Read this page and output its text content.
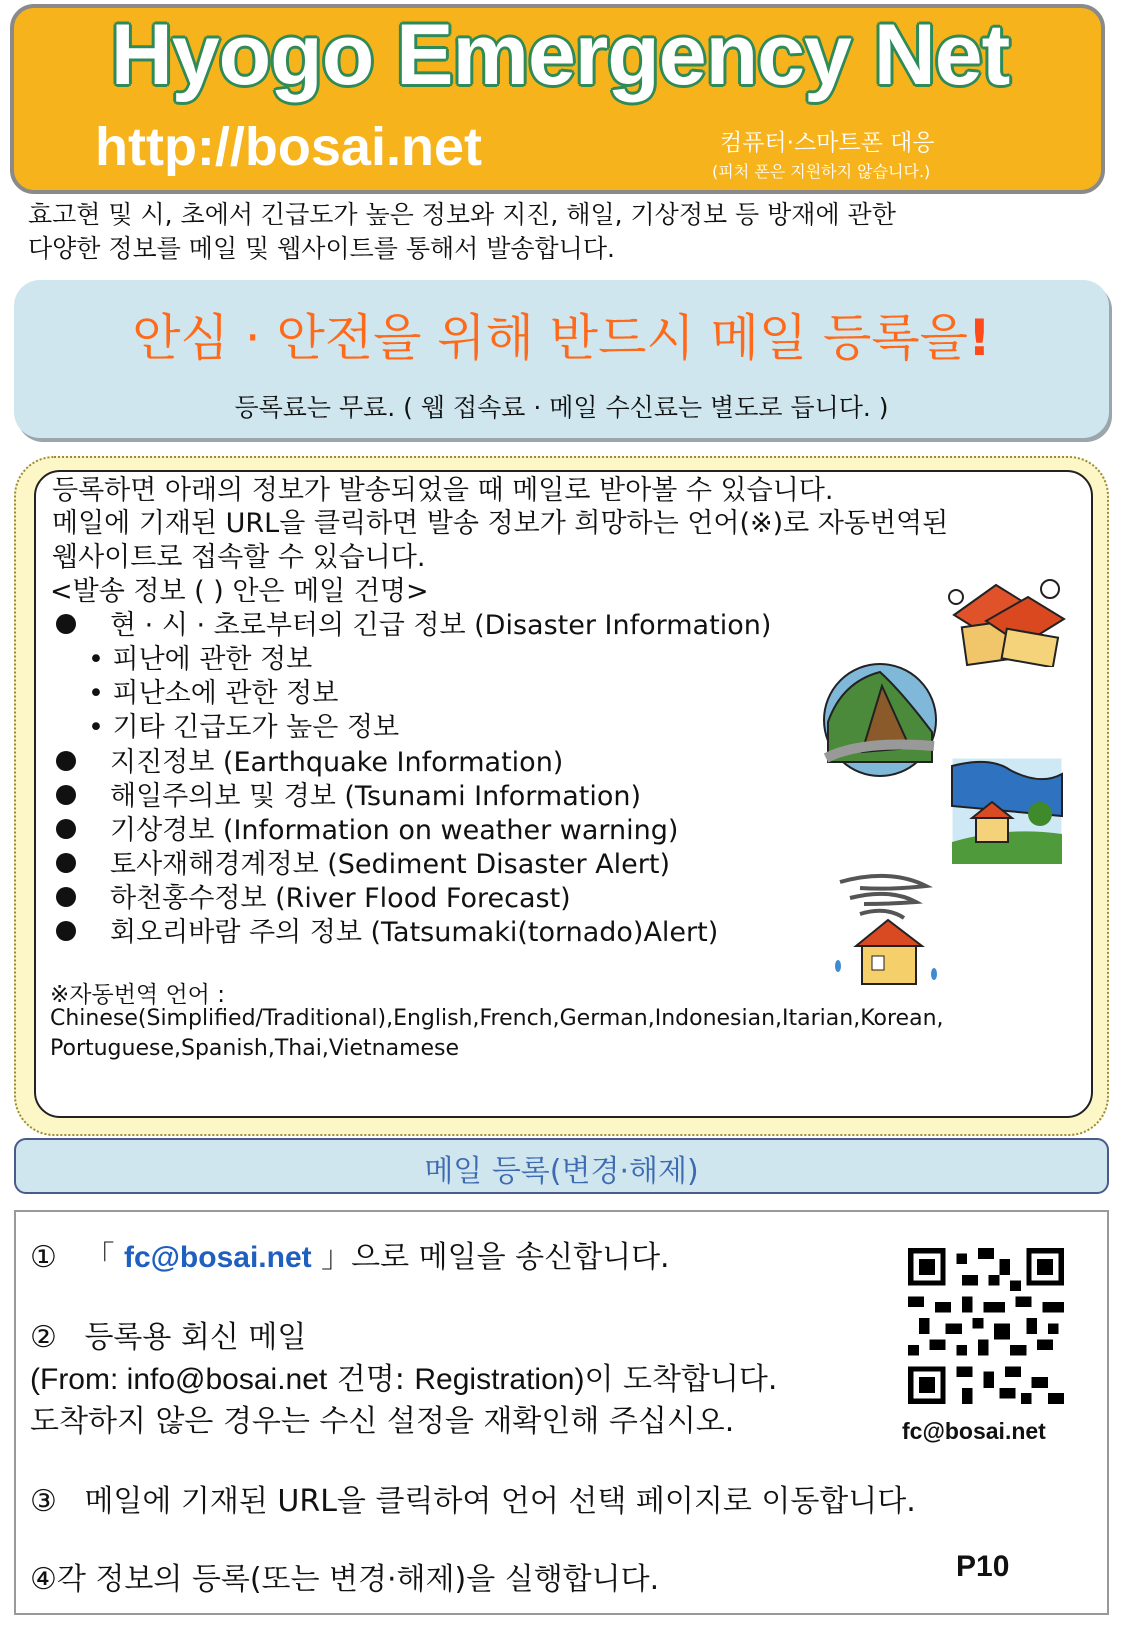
Hyogo Emergency Net
http://bosai.net	컴퓨터·스마트폰 대응
(피처 폰은 지원하지 않습니다.)
효고현 및 시, 초에서 긴급도가 높은 정보와 지진, 해일, 기상정보 등 방재에 관한
다양한 정보를 메일 및 웹사이트를 통해서 발송합니다.
안심 · 안전을 위해 반드시 메일 등록을!
등록료는 무료. ( 웹 접속료 · 메일 수신료는 별도로 듭니다. )
등록하면 아래의 정보가 발송되었을 때 메일로 받아볼 수 있습니다.
메일에 기재된 URL을 클릭하면 발송 정보가 희망하는 언어(※)로 자동번역된
웹사이트로 접속할 수 있습니다.
<발송 정보 ( ) 안은 메일 건명>
현 · 시 · 초로부터의 긴급 정보 (Disaster Information)
• 피난에 관한 정보
• 피난소에 관한 정보
• 기타 긴급도가 높은 정보
지진정보 (Earthquake Information)
해일주의보 및 경보 (Tsunami Information)
기상경보 (Information on weather warning)
토사재해경계정보 (Sediment Disaster Alert)
하천홍수정보 (River Flood Forecast)
회오리바람 주의 정보 (Tatsumaki(tornado)Alert)
※자동번역 언어 :
Chinese(Simplified/Traditional),English,French,German,Indonesian,Itarian,Korean,
Portuguese,Spanish,Thai,Vietnamese
메일 등록(변경·해제)
① 「 fc@bosai.net 」으로 메일을 송신합니다.
② 등록용 회신 메일
(From: info@bosai.net 건명: Registration)이 도착합니다.
도착하지 않은 경우는 수신 설정을 재확인해 주십시오.
③ 메일에 기재된 URL을 클릭하여 언어 선택 페이지로 이동합니다.
④각 정보의 등록(또는 변경·해제)을 실행합니다.
fc@bosai.net
P10
